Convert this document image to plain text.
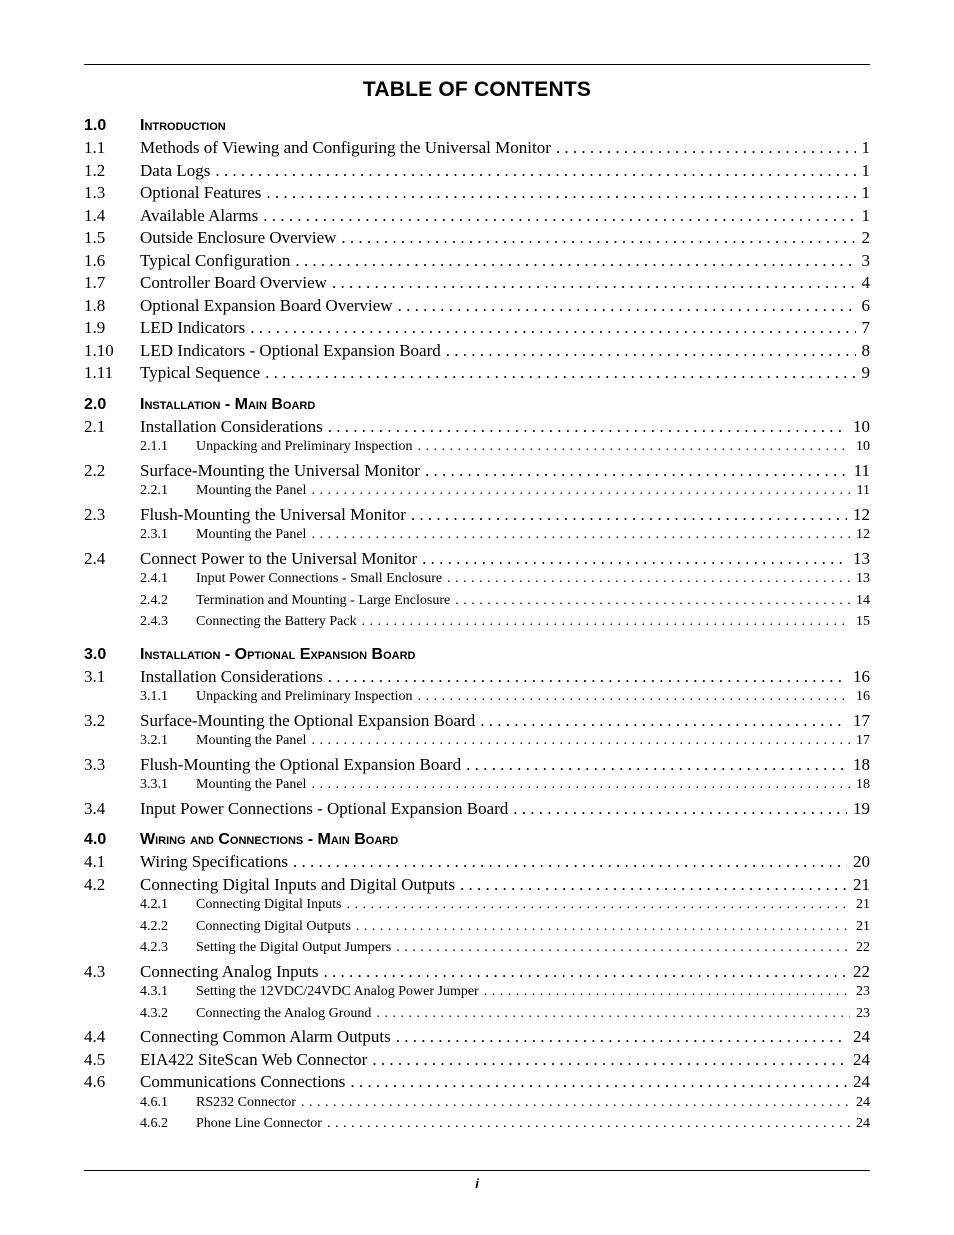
TABLE OF CONTENTS
1.0 Introduction
1.1	Methods of Viewing and Configuring the Universal Monitor . . .	1
1.2	Data Logs . . .	1
1.3	Optional Features . . .	1
1.4	Available Alarms . . .	1
1.5	Outside Enclosure Overview . . .	2
1.6	Typical Configuration . . .	3
1.7	Controller Board Overview . . .	4
1.8	Optional Expansion Board Overview . . .	6
1.9	LED Indicators . . .	7
1.10	LED Indicators - Optional Expansion Board . . .	8
1.11	Typical Sequence . . .	9
2.0 Installation - Main Board
2.1	Installation Considerations . . .	10
2.1.1	Unpacking and Preliminary Inspection . . .	10
2.2	Surface-Mounting the Universal Monitor . . .	11
2.2.1	Mounting the Panel . . .	11
2.3	Flush-Mounting the Universal Monitor . . .	12
2.3.1	Mounting the Panel . . .	12
2.4	Connect Power to the Universal Monitor . . .	13
2.4.1	Input Power Connections - Small Enclosure . . .	13
2.4.2	Termination and Mounting - Large Enclosure . . .	14
2.4.3	Connecting the Battery Pack . . .	15
3.0 Installation - Optional Expansion Board
3.1	Installation Considerations . . .	16
3.1.1	Unpacking and Preliminary Inspection . . .	16
3.2	Surface-Mounting the Optional Expansion Board . . .	17
3.2.1	Mounting the Panel . . .	17
3.3	Flush-Mounting the Optional Expansion Board . . .	18
3.3.1	Mounting the Panel . . .	18
3.4	Input Power Connections - Optional Expansion Board . . .	19
4.0 Wiring and Connections - Main Board
4.1	Wiring Specifications . . .	20
4.2	Connecting Digital Inputs and Digital Outputs . . .	21
4.2.1	Connecting Digital Inputs . . .	21
4.2.2	Connecting Digital Outputs . . .	21
4.2.3	Setting the Digital Output Jumpers . . .	22
4.3	Connecting Analog Inputs . . .	22
4.3.1	Setting the 12VDC/24VDC Analog Power Jumper . . .	23
4.3.2	Connecting the Analog Ground . . .	23
4.4	Connecting Common Alarm Outputs . . .	24
4.5	EIA422 SiteScan Web Connector . . .	24
4.6	Communications Connections . . .	24
4.6.1	RS232 Connector . . .	24
4.6.2	Phone Line Connector . . .	24
i
